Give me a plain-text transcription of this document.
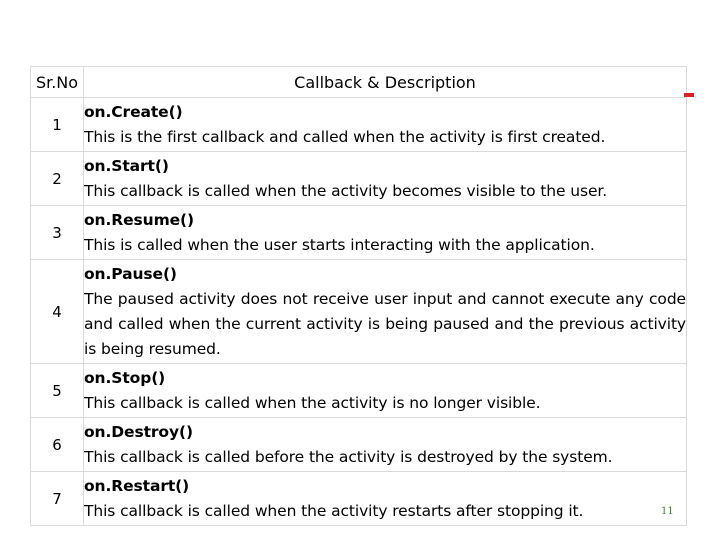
Sr.No	Callback & Description
1	on.Create()
This is the first callback and called when the activity is first created.

2	on.Start()
This callback is called when the activity becomes visible to the user.

3	on.Resume()
This is called when the user starts interacting with the application.

4	on.Pause()
The paused activity does not receive user input and cannot execute any code and called when the current activity is being paused and the previous activity is being resumed.

5	on.Stop()
This callback is called when the activity is no longer visible.

6	on.Destroy()
This callback is called before the activity is destroyed by the system.

7	on.Restart()
This callback is called when the activity restarts after stopping it.	11
